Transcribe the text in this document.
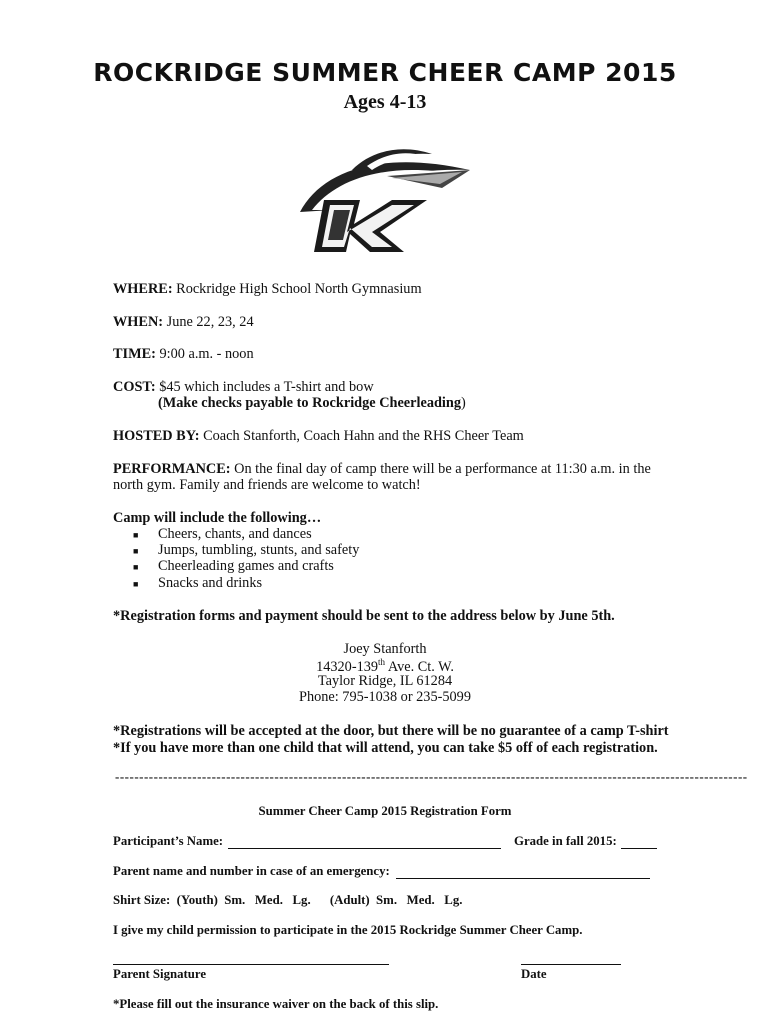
ROCKRIDGE SUMMER CHEER CAMP 2015
Ages 4-13
WHERE: Rockridge High School North Gymnasium
WHEN: June 22, 23, 24
TIME: 9:00 a.m. - noon
COST: $45 which includes a T-shirt and bow
(Make checks payable to Rockridge Cheerleading)
HOSTED BY: Coach Stanforth, Coach Hahn and the RHS Cheer Team
PERFORMANCE: On the final day of camp there will be a performance at 11:30 a.m. in the
north gym. Family and friends are welcome to watch!
Camp will include the following…
■ Cheers, chants, and dances
■ Jumps, tumbling, stunts, and safety
■ Cheerleading games and crafts
■ Snacks and drinks
*Registration forms and payment should be sent to the address below by June 5th.
Joey Stanforth
14320-139th Ave. Ct. W.
Taylor Ridge, IL 61284
Phone: 795-1038 or 235-5099
*Registrations will be accepted at the door, but there will be no guarantee of a camp T-shirt
*If you have more than one child that will attend, you can take $5 off of each registration.
-----------------------------------------------------------------------------------------------------------------------------------
Summer Cheer Camp 2015 Registration Form
Participant’s Name:	Grade in fall 2015:
Parent name and number in case of an emergency:
Shirt Size:  (Youth)  Sm.   Med.   Lg.      (Adult)  Sm.   Med.   Lg.
I give my child permission to participate in the 2015 Rockridge Summer Cheer Camp.
Parent Signature	Date
*Please fill out the insurance waiver on the back of this slip.
